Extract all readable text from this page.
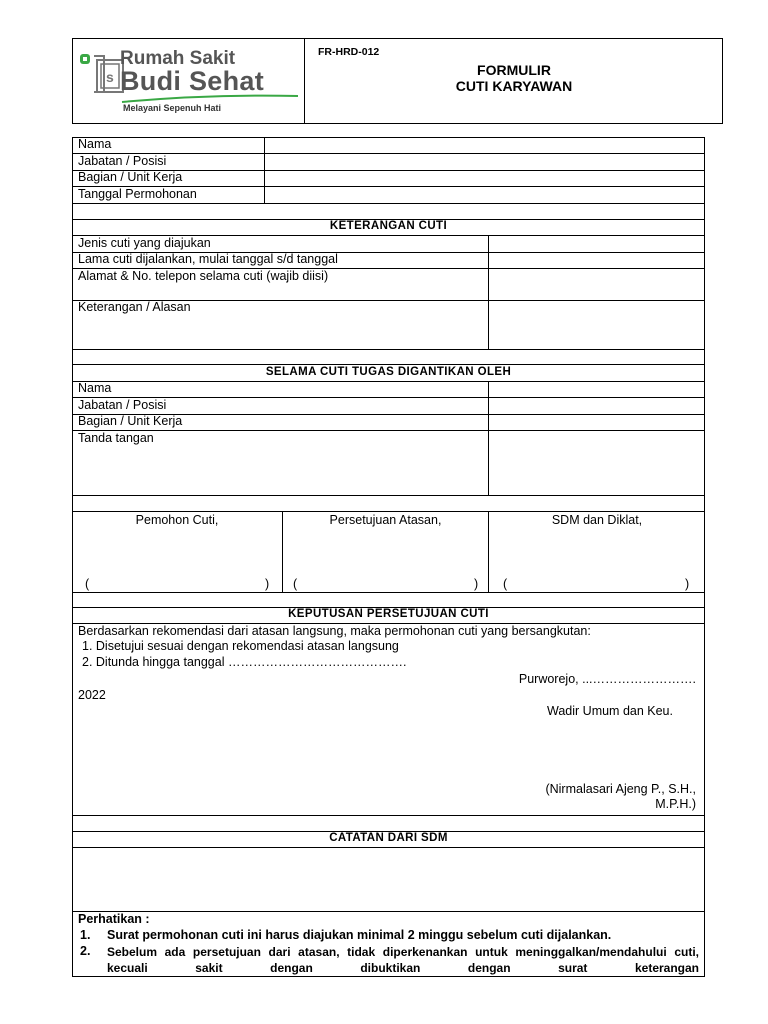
s
Rumah Sakit
Budi Sehat
Melayani Sepenuh Hati
FR-HRD-012
FORMULIR
CUTI KARYAWAN
Nama
Jabatan / Posisi
Bagian / Unit Kerja
Tanggal Permohonan
KETERANGAN CUTI
Jenis cuti yang diajukan
Lama cuti dijalankan, mulai tanggal s/d tanggal
Alamat & No. telepon selama cuti (wajib diisi)
Keterangan / Alasan
SELAMA CUTI TUGAS DIGANTIKAN OLEH
Nama
Jabatan / Posisi
Bagian / Unit Kerja
Tanda tangan
Pemohon Cuti,	Persetujuan Atasan,	SDM dan Diklat,
(	) (	) (	)
KEPUTUSAN PERSETUJUAN CUTI
Berdasarkan rekomendasi dari atasan langsung, maka permohonan cuti yang bersangkutan:
1. Disetujui sesuai dengan rekomendasi atasan langsung
2. Ditunda hingga tanggal …………………………………….
Purworejo, ...…………………….
2022
Wadir Umum dan Keu.
(Nirmalasari Ajeng P., S.H.,
M.P.H.)
CATATAN DARI SDM
Perhatikan :
1. Surat permohonan cuti ini harus diajukan minimal 2 minggu sebelum cuti dijalankan.
2. Sebelum ada persetujuan dari atasan, tidak diperkenankan untuk meninggalkan/mendahului cuti, kecuali sakit dengan dibuktikan dengan surat keterangan
